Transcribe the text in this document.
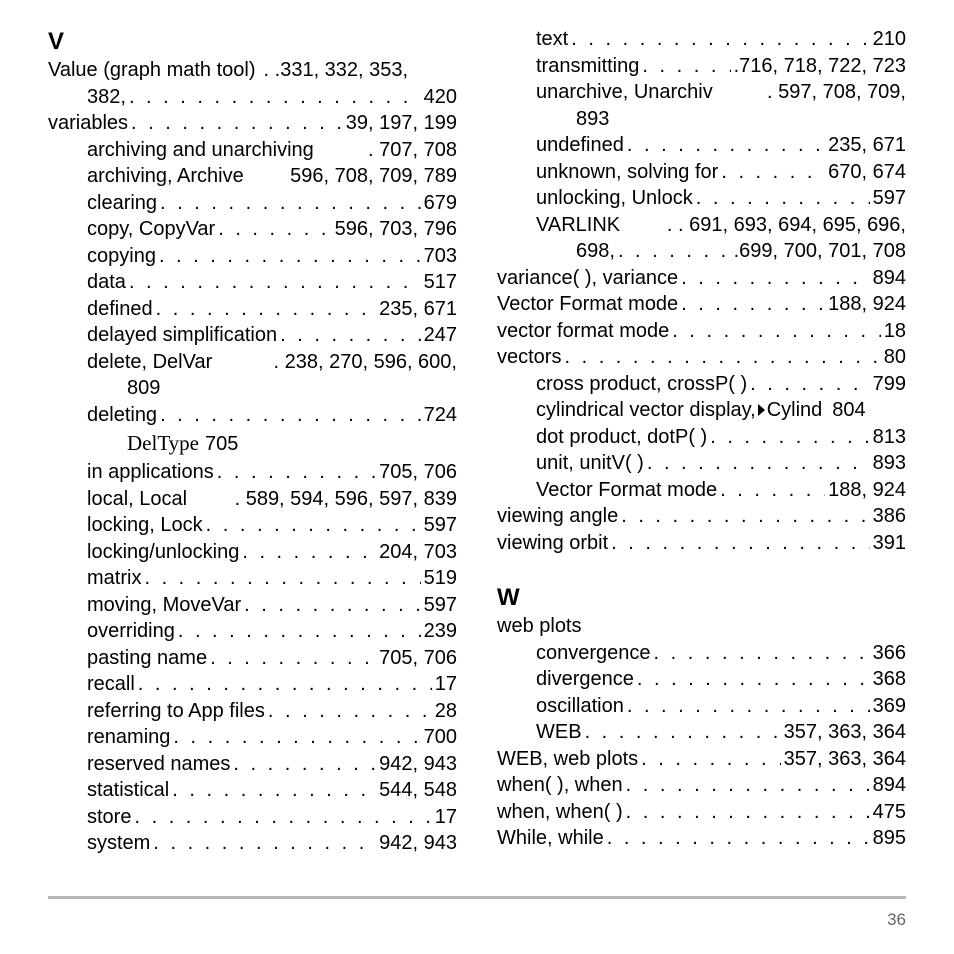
V
Value (graph math tool) . .331, 332, 353,
382, . . .	420
variables . . .	39, 197, 199
archiving and unarchiving	. 707, 708
archiving, Archive 596, 708, 709, 789
clearing . . .	679
copy, CopyVar . . .	596, 703, 796
copying . . .	703
data . . .	517
defined . . .	235, 671
delayed simplification . . .	247
delete, DelVar	. 238, 270, 596, 600,
809
deleting . . .	724
DelType 705
in applications . . .	705, 706
local, Local . 589, 594, 596, 597, 839
locking, Lock . . .	597
locking/unlocking . . .	204, 703
matrix . . .	519
moving, MoveVar . . .	597
overriding . . .	239
pasting name . . .	705, 706
recall . . .	17
referring to App files . . .	28
renaming . . .	700
reserved names . . .	942, 943
statistical . . .	544, 548
store . . .	17
system . . .	942, 943
text . . .	210
transmitting . . .	.716, 718, 722, 723
unarchive, Unarchiv	. 597, 708, 709,
893
undefined . . .	235, 671
unknown, solving for . . .	670, 674
unlocking, Unlock . . .	597
VARLINK . . 691, 693, 694, 695, 696,
698, . . .	.699, 700, 701, 708
variance( ), variance . . .	894
Vector Format mode . . .	188, 924
vector format mode . . .	18
vectors . . .	80
cross product, crossP( ) . . .	799
cylindrical vector display, Cylind 804
dot product, dotP( ) . . .	813
unit, unitV( ) . . .	893
Vector Format mode . . .	188, 924
viewing angle . . .	386
viewing orbit . . .	391
W
web plots
convergence . . .	366
divergence . . .	368
oscillation . . .	369
WEB . . .	357, 363, 364
WEB, web plots . . .	357, 363, 364
when( ), when . . .	894
when, when( ) . . .	475
While, while . . .	895
36
